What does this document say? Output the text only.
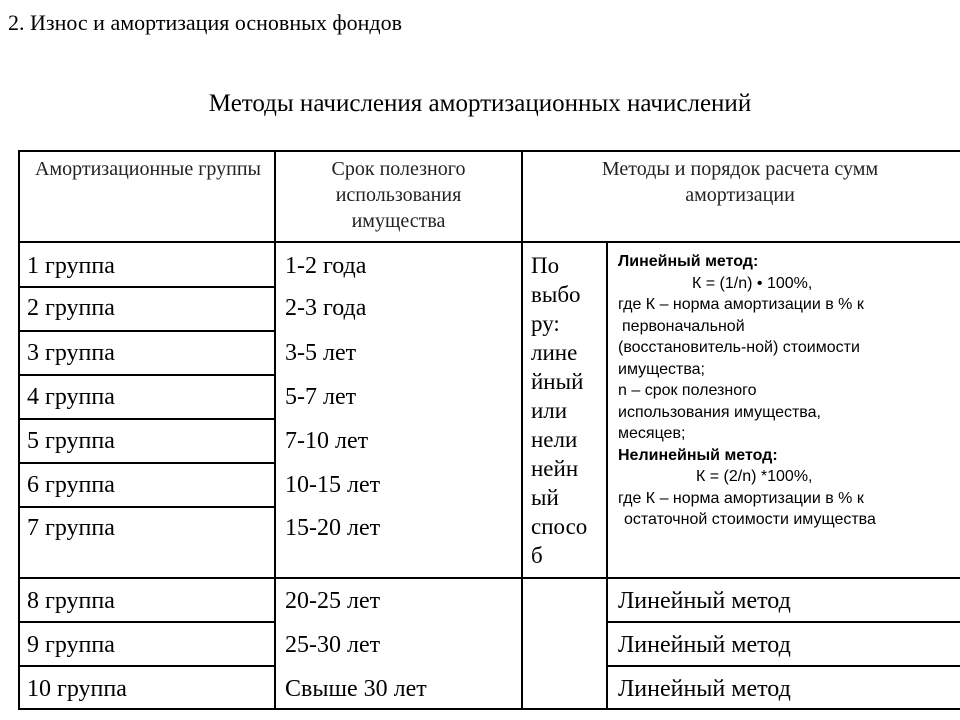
2. Износ и амортизация основных фондов
Методы начисления амортизационных начислений
Амортизационные группы	Срок полезного использования имущества
Методы и порядок расчета сумм амортизации
1 группа
2 группа
3 группа
4 группа
5 группа
6 группа
7 группа
8 группа
9 группа
10 группа
1-2 года
2-3 года
3-5 лет
5-7 лет
7-10 лет
10-15 лет
15-20 лет
20-25 лет
25-30 лет
Свыше 30 лет
По
выбо
ру:
лине
йный
или
нели
нейн
ый
спосо
б
Линейный метод:
К = (1/n) • 100%,
где К – норма амортизации в % к
первоначальной
(восстановитель-ной) стоимости
имущества;
n – срок полезного
использования имущества,
месяцев;
Нелинейный метод:
К = (2/n) *100%,
где К – норма амортизации в % к
остаточной стоимости имущества
Линейный метод
Линейный метод
Линейный метод
